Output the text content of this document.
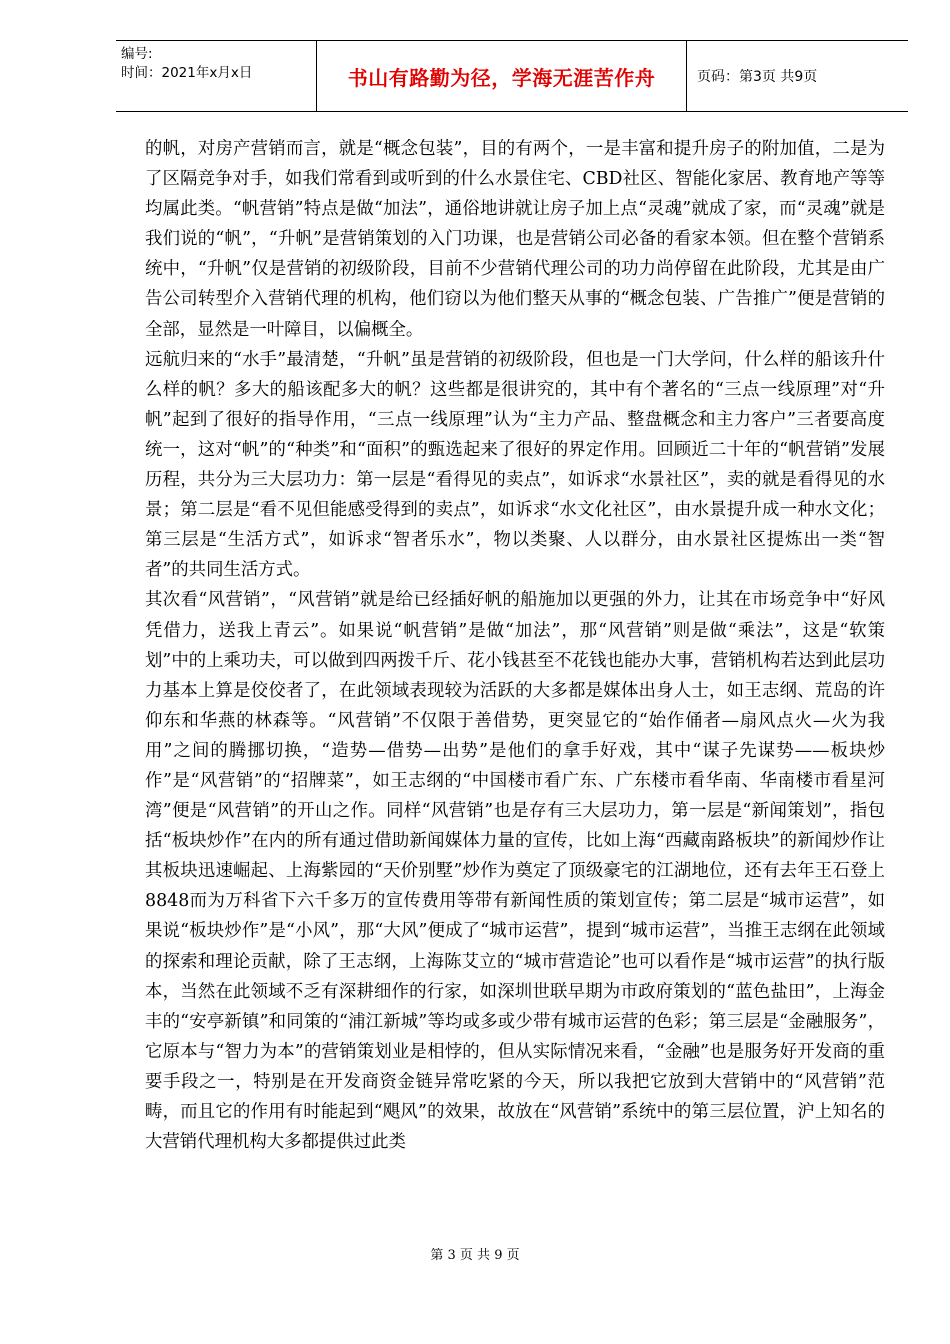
编号:
时间：2021年x月x日	书山有路勤为径，学海无涯苦作舟	页码：第3页 共9页

的帆，对房产营销而言，就是“概念包装”，目的有两个，一是丰富和提升房子的附加值，二是为了区隔竞争对手，如我们常看到或听到的什么水景住宅、CBD社区、智能化家居、教育地产等等均属此类。“帆营销”特点是做“加法”，通俗地讲就让房子加上点“灵魂”就成了家，而“灵魂”就是我们说的“帆”，“升帆”是营销策划的入门功课，也是营销公司必备的看家本领。但在整个营销系统中，“升帆”仅是营销的初级阶段，目前不少营销代理公司的功力尚停留在此阶段，尤其是由广告公司转型介入营销代理的机构，他们窃以为他们整天从事的“概念包装、广告推广”便是营销的全部，显然是一叶障目，以偏概全。

远航归来的“水手”最清楚，“升帆”虽是营销的初级阶段，但也是一门大学问，什么样的船该升什么样的帆？多大的船该配多大的帆？这些都是很讲究的，其中有个著名的“三点一线原理”对“升帆”起到了很好的指导作用，“三点一线原理”认为“主力产品、整盘概念和主力客户”三者要高度统一，这对“帆”的“种类”和“面积”的甄选起来了很好的界定作用。回顾近二十年的“帆营销”发展历程，共分为三大层功力：第一层是“看得见的卖点”，如诉求“水景社区”，卖的就是看得见的水景；第二层是“看不见但能感受得到的卖点”，如诉求“水文化社区”，由水景提升成一种水文化；第三层是“生活方式”，如诉求“智者乐水”，物以类聚、人以群分，由水景社区提炼出一类“智者”的共同生活方式。

其次看“风营销”，“风营销”就是给已经插好帆的船施加以更强的外力，让其在市场竞争中“好风凭借力，送我上青云”。如果说“帆营销”是做“加法”，那“风营销”则是做“乘法”，这是“软策划”中的上乘功夫，可以做到四两拨千斤、花小钱甚至不花钱也能办大事，营销机构若达到此层功力基本上算是佼佼者了，在此领域表现较为活跃的大多都是媒体出身人士，如王志纲、荒岛的许仰东和华燕的林森等。“风营销”不仅限于善借势，更突显它的“始作俑者—扇风点火—火为我用”之间的腾挪切换，“造势—借势—出势”是他们的拿手好戏，其中“谋子先谋势——板块炒作”是“风营销”的“招牌菜”，如王志纲的“中国楼市看广东、广东楼市看华南、华南楼市看星河湾”便是“风营销”的开山之作。同样“风营销”也是存有三大层功力，第一层是“新闻策划”，指包括“板块炒作”在内的所有通过借助新闻媒体力量的宣传，比如上海“西藏南路板块”的新闻炒作让其板块迅速崛起、上海紫园的“天价别墅”炒作为奠定了顶级豪宅的江湖地位，还有去年王石登上8848而为万科省下六千多万的宣传费用等带有新闻性质的策划宣传；第二层是“城市运营”，如果说“板块炒作”是“小风”，那“大风”便成了“城市运营”，提到“城市运营”，当推王志纲在此领域的探索和理论贡献，除了王志纲，上海陈艾立的“城市营造论”也可以看作是“城市运营”的执行版本，当然在此领域不乏有深耕细作的行家，如深圳世联早期为市政府策划的“蓝色盐田”，上海金丰的“安亭新镇”和同策的“浦江新城”等均或多或少带有城市运营的色彩；第三层是“金融服务”，它原本与“智力为本”的营销策划业是相悖的，但从实际情况来看，“金融”也是服务好开发商的重要手段之一，特别是在开发商资金链异常吃紧的今天，所以我把它放到大营销中的“风营销”范畴，而且它的作用有时能起到“飓风”的效果，故放在“风营销”系统中的第三层位置，沪上知名的大营销代理机构大多都提供过此类

第 3 页 共 9 页
